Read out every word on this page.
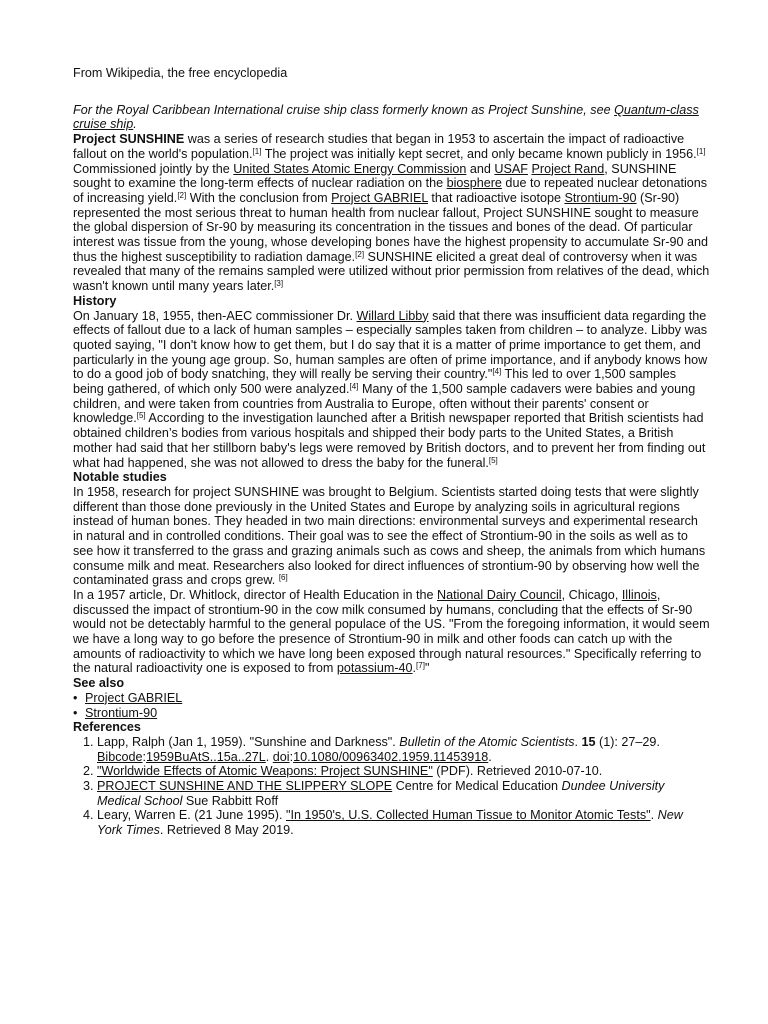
From Wikipedia, the free encyclopedia

For the Royal Caribbean International cruise ship class formerly known as Project Sunshine, see Quantum-class cruise ship.

Project SUNSHINE was a series of research studies that began in 1953 to ascertain the impact of radioactive fallout on the world's population.[1] The project was initially kept secret, and only became known publicly in 1956.[1] Commissioned jointly by the United States Atomic Energy Commission and USAF Project Rand, SUNSHINE sought to examine the long-term effects of nuclear radiation on the biosphere due to repeated nuclear detonations of increasing yield.[2] With the conclusion from Project GABRIEL that radioactive isotope Strontium-90 (Sr-90) represented the most serious threat to human health from nuclear fallout, Project SUNSHINE sought to measure the global dispersion of Sr-90 by measuring its concentration in the tissues and bones of the dead. Of particular interest was tissue from the young, whose developing bones have the highest propensity to accumulate Sr-90 and thus the highest susceptibility to radiation damage.[2] SUNSHINE elicited a great deal of controversy when it was revealed that many of the remains sampled were utilized without prior permission from relatives of the dead, which wasn't known until many years later.[3]

History

On January 18, 1955, then-AEC commissioner Dr. Willard Libby said that there was insufficient data regarding the effects of fallout due to a lack of human samples – especially samples taken from children – to analyze. Libby was quoted saying, "I don't know how to get them, but I do say that it is a matter of prime importance to get them, and particularly in the young age group. So, human samples are often of prime importance, and if anybody knows how to do a good job of body snatching, they will really be serving their country."[4] This led to over 1,500 samples being gathered, of which only 500 were analyzed.[4] Many of the 1,500 sample cadavers were babies and young children, and were taken from countries from Australia to Europe, often without their parents' consent or knowledge.[5] According to the investigation launched after a British newspaper reported that British scientists had obtained children’s bodies from various hospitals and shipped their body parts to the United States, a British mother had said that her stillborn baby's legs were removed by British doctors, and to prevent her from finding out what had happened, she was not allowed to dress the baby for the funeral.[5]

Notable studies

In 1958, research for project SUNSHINE was brought to Belgium. Scientists started doing tests that were slightly different than those done previously in the United States and Europe by analyzing soils in agricultural regions instead of human bones. They headed in two main directions: environmental surveys and experimental research in natural and in controlled conditions. Their goal was to see the effect of Strontium-90 in the soils as well as to see how it transferred to the grass and grazing animals such as cows and sheep, the animals from which humans consume milk and meat. Researchers also looked for direct influences of strontium-90 by observing how well the contaminated grass and crops grew. [6]

In a 1957 article, Dr. Whitlock, director of Health Education in the National Dairy Council, Chicago, Illinois, discussed the impact of strontium-90 in the cow milk consumed by humans, concluding that the effects of Sr-90 would not be detectably harmful to the general populace of the US. "From the foregoing information, it would seem we have a long way to go before the presence of Strontium-90 in milk and other foods can catch up with the amounts of radioactivity to which we have long been exposed through natural resources." Specifically referring to the natural radioactivity one is exposed to from potassium-40.[7]"

See also
• Project GABRIEL
• Strontium-90
References
1. Lapp, Ralph (Jan 1, 1959). "Sunshine and Darkness". Bulletin of the Atomic Scientists. 15 (1): 27–29. Bibcode:1959BuAtS..15a..27L. doi:10.1080/00963402.1959.11453918.
2. "Worldwide Effects of Atomic Weapons: Project SUNSHINE" (PDF). Retrieved 2010-07-10.
3. PROJECT SUNSHINE AND THE SLIPPERY SLOPE Centre for Medical Education Dundee University Medical School Sue Rabbitt Roff
4. Leary, Warren E. (21 June 1995). "In 1950's, U.S. Collected Human Tissue to Monitor Atomic Tests". New York Times. Retrieved 8 May 2019.
